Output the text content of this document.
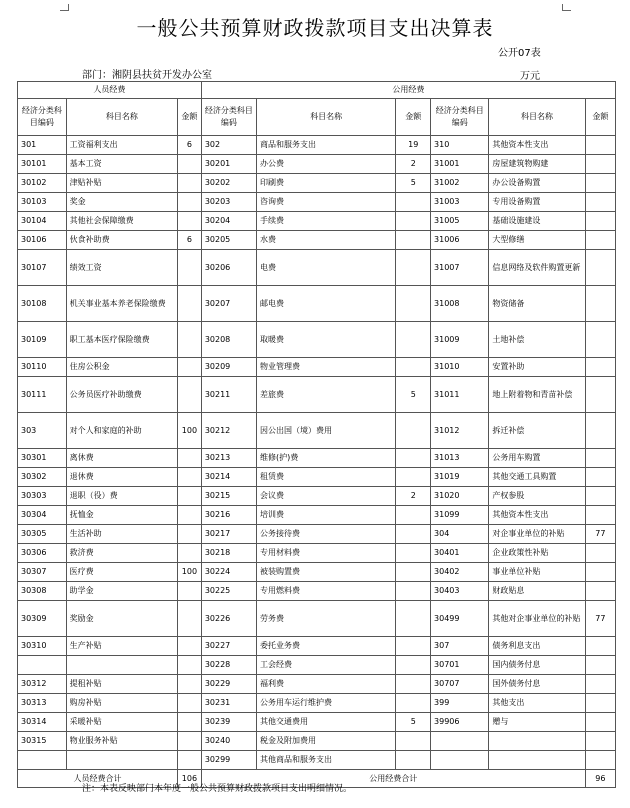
一般公共预算财政拨款项目支出决算表
公开07表
部门：湘阴县扶贫开发办公室	万元
人员经费			公用经费					
经济分类科目编码	科目名称	金额	经济分类科目编码	科目名称	金额	经济分类科目编码	科目名称	金额
301	工资福利支出	6	302	商品和服务支出	19	310	其他资本性支出	
30101	基本工资		30201	办公费	2	31001	房屋建筑物购建	
30102	津贴补贴		30202	印刷费	5	31002	办公设备购置	
30103	奖金		30203	咨询费		31003	专用设备购置	
30104	其他社会保障缴费		30204	手续费		31005	基础设施建设	
30106	伙食补助费	6	30205	水费		31006	大型修缮	
30107	绩效工资		30206	电费		31007	信息网络及软件购置更新	
30108	机关事业基本养老保险缴费		30207	邮电费		31008	物资储备	
30109	职工基本医疗保险缴费		30208	取暖费		31009	土地补偿	
30110	住房公积金		30209	物业管理费		31010	安置补助	
30111	公务员医疗补助缴费		30211	差旅费	5	31011	地上附着物和青苗补偿	
303	对个人和家庭的补助	100	30212	因公出国（境）费用		31012	拆迁补偿	
30301	离休费		30213	维修(护)费		31013	公务用车购置	
30302	退休费		30214	租赁费		31019	其他交通工具购置	
30303	退职（役）费		30215	会议费	2	31020	产权参股	
30304	抚恤金		30216	培训费		31099	其他资本性支出	
30305	生活补助		30217	公务接待费		304	对企事业单位的补贴	77
30306	救济费		30218	专用材料费		30401	企业政策性补贴	
30307	医疗费	100	30224	被装购置费		30402	事业单位补贴	
30308	助学金		30225	专用燃料费		30403	财政贴息	
30309	奖励金		30226	劳务费		30499	其他对企事业单位的补贴	77
30310	生产补贴		30227	委托业务费		307	债务利息支出	
			30228	工会经费		30701	国内债务付息	
30312	提租补贴		30229	福利费		30707	国外债务付息	
30313	购房补贴		30231	公务用车运行维护费		399	其他支出	
30314	采暖补贴		30239	其他交通费用	5	39906	赠与	
30315	物业服务补贴		30240	税金及附加费用				
			30299	其他商品和服务支出				
人员经费合计		106	公用经费合计					96
注：本表反映部门本年度一般公共预算财政拨款项目支出明细情况。
